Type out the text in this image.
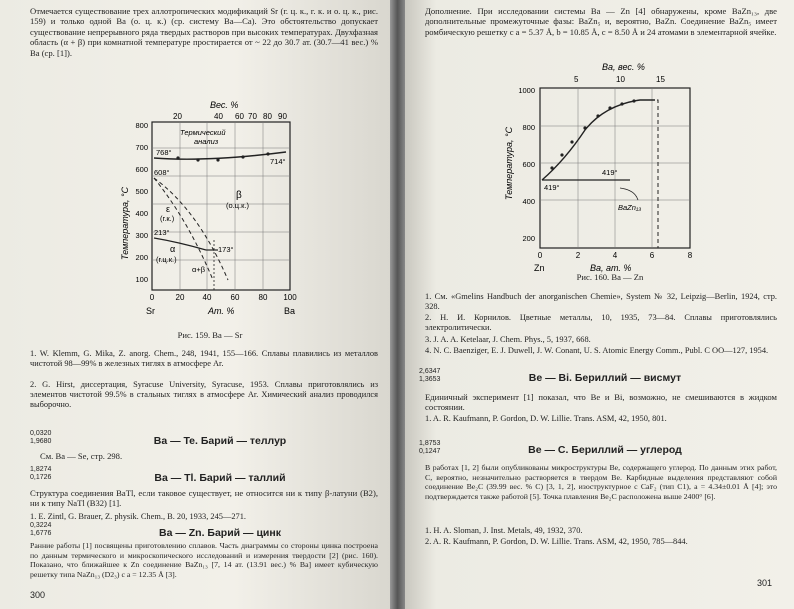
Отмечается существование трех аллотропических модификаций Sr (г. ц. к., г. к. и о. ц. к., рис. 159) и только одной Ba (о. ц. к.) (ср. систему Ba—Ca). Это обстоятельство допускает существование непрерывного ряда твердых растворов при высоких температурах. Двухфазная область (α + β) при комнатной температуре простирается от ~ 22 до 30.7 ат. (30.7—41 вес.) % Ba (ср. [1]).
Вес. %
20	40 60 70 80 90
Температура, °C
800
700
600
500
400
300
200
100
768°
714°
608°
213°
173°
Термический
анализ
β
(о.ц.к.)
ε
(г.к.)
α
(г.ц.к.)
α+β
0	20 40 60 80 100
Sr	Ат. %	Ba
Рис. 159. Ba — Sr
1. W. Klemm, G. Mika, Z. anorg. Chem., 248, 1941, 155—166. Сплавы плавились из металлов чистотой 98—99% в железных тиглях в атмосфере Ar.
2. G. Hirst, диссертация, Syracuse University, Syracuse, 1953. Сплавы приготовлялись из элементов чистотой 99.5% в стальных тиглях в атмосфере Ar. Химический анализ проводился выборочно.
0,0320
1,9680	Ba — Te. Барий — теллур
См. Ba — Se, стр. 298.
1,8274
0,1726	Ba — Tl. Барий — таллий
Структура соединения BaTl, если таковое существует, не относится ни к типу β-латуни (B2), ни к типу NaTl (B32) [1].
1. E. Zintl, G. Brauer, Z. physik. Chem., B. 20, 1933, 245—271.
0,3224
1,6776	Ba — Zn. Барий — цинк
Ранние работы [1] посвящены приготовлению сплавов. Часть диаграммы со стороны цинка построена по данным термического и микроскопического исследований и измерения твердости [2] (рис. 160). Показано, что ближайшее к Zn соединение BaZn₁₃ [7, 14 ат. (13.91 вес.) % Ba] имеет кубическую решетку типа NaZn₁₃ (D2₃) с a = 12.35 Å [3].
300
Дополнение. При исследовании системы Ba — Zn [4] обнаружены, кроме BaZn₁₃, две дополнительные промежуточные фазы: BaZn₅ и, вероятно, BaZn. Соединение BaZn₅ имеет ромбическую решетку с a = 5.37 Å, b = 10.85 Å, c = 8.50 Å и 24 атомами в элементарной ячейке.
Ba, вес. %
5	10	15
Температура, °C
1000
800
600
400
200
419°
419°
BaZn₁₃
0	2	4	6	8
Zn	Ba, ат. %
Рис. 160. Ba — Zn
1. См. «Gmelins Handbuch der anorganischen Chemie», System № 32, Leipzig—Berlin, 1924, стр. 328.
2. Н. И. Корнилов. Цветные металлы, 10, 1935, 73—84. Сплавы приготовлялись электролитически.
3. J. A. A. Ketelaar, J. Chem. Phys., 5, 1937, 668.
4. N. C. Baenziger, E. J. Duwell, J. W. Conant, U. S. Atomic Energy Comm., Publ. C OO—127, 1954.
2,6347
1,3653	Be — Bi. Бериллий — висмут
Единичный эксперимент [1] показал, что Be и Bi, возможно, не смешиваются в жидком состоянии.
1. A. R. Kaufmann, P. Gordon, D. W. Lillie. Trans. ASM, 42, 1950, 801.
1,8753
0,1247	Be — C. Бериллий — углерод
В работах [1, 2] были опубликованы микроструктуры Be, содержащего углерод. По данным этих работ, C, вероятно, незначительно растворяется в твердом Be. Карбидные выделения представляют собой соединение Be₂C (39.99 вес. % C) [3, 1, 2], изоструктурное с CaF₂ (тип C1), a = 4.34±0.01 Å [4]; это подтверждается также работой [5]. Точка плавления Be₂C расположена выше 2400° [6].
1. H. A. Sloman, J. Inst. Metals, 49, 1932, 370.
2. A. R. Kaufmann, P. Gordon, D. W. Lillie. Trans. ASM, 42, 1950, 785—844.
301
